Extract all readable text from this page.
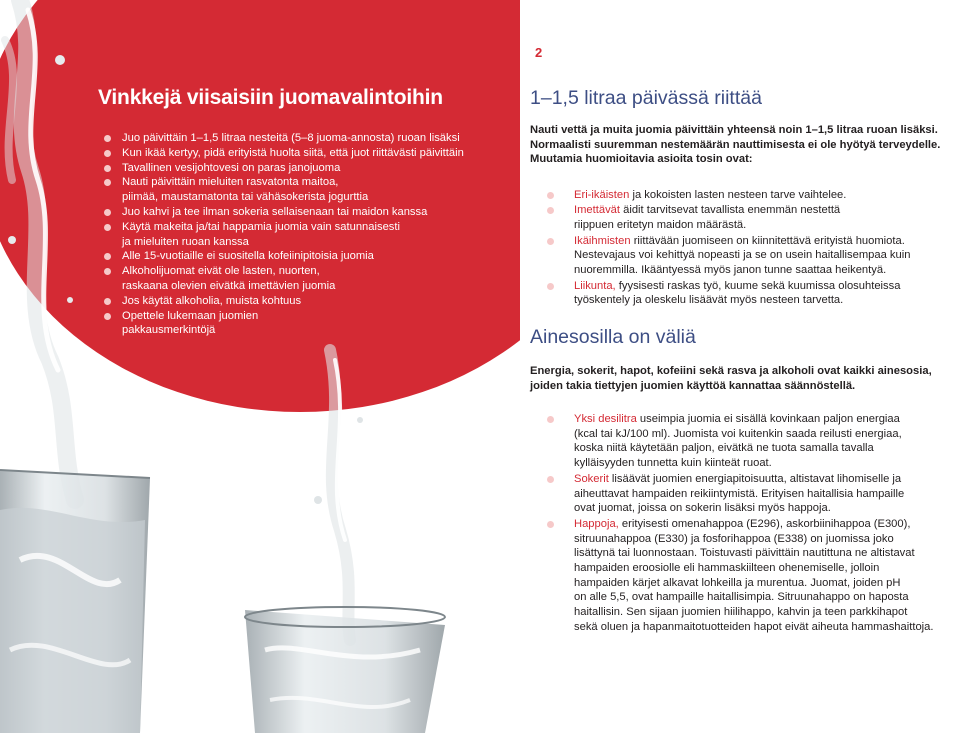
2
Vinkkejä viisaisiin juomavalintoihin
Juo päivittäin 1–1,5 litraa nesteitä (5–8 juoma-annosta) ruoan lisäksi
Kun ikää kertyy, pidä erityistä huolta siitä, että juot riittävästi päivittäin
Tavallinen vesijohtovesi on paras janojuoma
Nauti päivittäin mieluiten rasvatonta maitoa,
piimää, maustamatonta tai vähäsokerista jogurttia
Juo kahvi ja tee ilman sokeria sellaisenaan tai maidon kanssa
Käytä makeita ja/tai happamia juomia vain satunnaisesti
ja mieluiten ruoan kanssa
Alle 15-vuotiaille ei suositella kofeiinipitoisia juomia
Alkoholijuomat eivät ole lasten, nuorten,
raskaana olevien eivätkä imettävien juomia
Jos käytät alkoholia, muista kohtuus
Opettele lukemaan juomien
pakkausmerkintöjä
1–1,5 litraa päivässä riittää

Nauti vettä ja muita juomia päivittäin yhteensä noin 1–1,5 litraa ruoan lisäksi.
Normaalisti suuremman nestemäärän nauttimisesta ei ole hyötyä terveydelle.
Muutamia huomioitavia asioita tosin ovat:

Eri-ikäisten ja kokoisten lasten nesteen tarve vaihtelee.
Imettävät äidit tarvitsevat tavallista enemmän nestettä
riippuen eritetyn maidon määrästä.
Ikäihmisten riittävään juomiseen on kiinnitettävä erityistä huomiota.
Nestevajaus voi kehittyä nopeasti ja se on usein haitallisempaa kuin
nuoremmilla. Ikääntyessä myös janon tunne saattaa heikentyä.
Liikunta, fyysisesti raskas työ, kuume sekä kuumissa olosuhteissa
työskentely ja oleskelu lisäävät myös nesteen tarvetta.
Ainesosilla on väliä

Energia, sokerit, hapot, kofeiini sekä rasva ja alkoholi ovat kaikki ainesosia,
joiden takia tiettyjen juomien käyttöä kannattaa säännöstellä.

Yksi desilitra useimpia juomia ei sisällä kovinkaan paljon energiaa
(kcal tai kJ/100 ml). Juomista voi kuitenkin saada reilusti energiaa,
koska niitä käytetään paljon, eivätkä ne tuota samalla tavalla
kylläisyyden tunnetta kuin kiinteät ruoat.
Sokerit lisäävät juomien energiapitoisuutta, altistavat lihomiselle ja
aiheuttavat hampaiden reikiintymistä. Erityisen haitallisia hampaille
ovat juomat, joissa on sokerin lisäksi myös happoja.
Happoja, erityisesti omenahappoa (E296), askorbiinihappoa (E300),
sitruunahappoa (E330) ja fosforihappoa (E338) on juomissa joko
lisättynä tai luonnostaan. Toistuvasti päivittäin nautittuna ne altistavat
hampaiden eroosiolle eli hammaskiilteen ohenemiselle, jolloin
hampaiden kärjet alkavat lohkeilla ja murentua. Juomat, joiden pH
on alle 5,5, ovat hampaille haitallisimpia. Sitruunahappo on haposta
haitallisin. Sen sijaan juomien hiilihappo, kahvin ja teen parkkihapot
sekä oluen ja hapanmaitotuotteiden hapot eivät aiheuta hammashaittoja.
